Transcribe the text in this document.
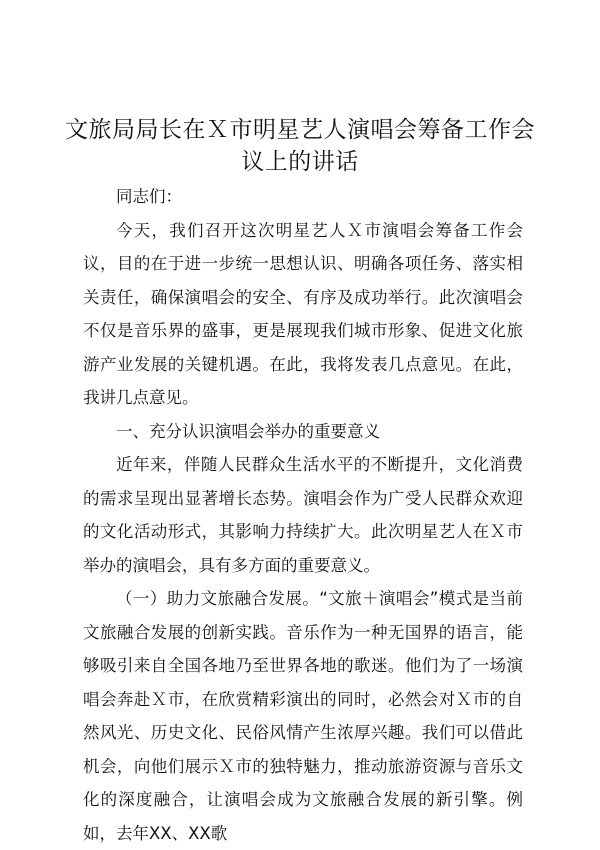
文旅局局长在Ｘ市明星艺人演唱会筹备工作会议上的讲话

同志们：

今天，我们召开这次明星艺人Ｘ市演唱会筹备工作会议，目的在于进一步统一思想认识、明确各项任务、落实相关责任，确保演唱会的安全、有序及成功举行。此次演唱会不仅是音乐界的盛事，更是展现我们城市形象、促进文化旅游产业发展的关键机遇。在此，我将发表几点意见。在此，我讲几点意见。

一、充分认识演唱会举办的重要意义

近年来，伴随人民群众生活水平的不断提升，文化消费的需求呈现出显著增长态势。演唱会作为广受人民群众欢迎的文化活动形式，其影响力持续扩大。此次明星艺人在Ｘ市举办的演唱会，具有多方面的重要意义。

（一）助力文旅融合发展。“文旅＋演唱会”模式是当前文旅融合发展的创新实践。音乐作为一种无国界的语言，能够吸引来自全国各地乃至世界各地的歌迷。他们为了一场演唱会奔赴Ｘ市，在欣赏精彩演出的同时，必然会对Ｘ市的自然风光、历史文化、民俗风情产生浓厚兴趣。我们可以借此机会，向他们展示Ｘ市的独特魅力，推动旅游资源与音乐文化的深度融合，让演唱会成为文旅融合发展的新引擎。例如，去年XX、XX歌
